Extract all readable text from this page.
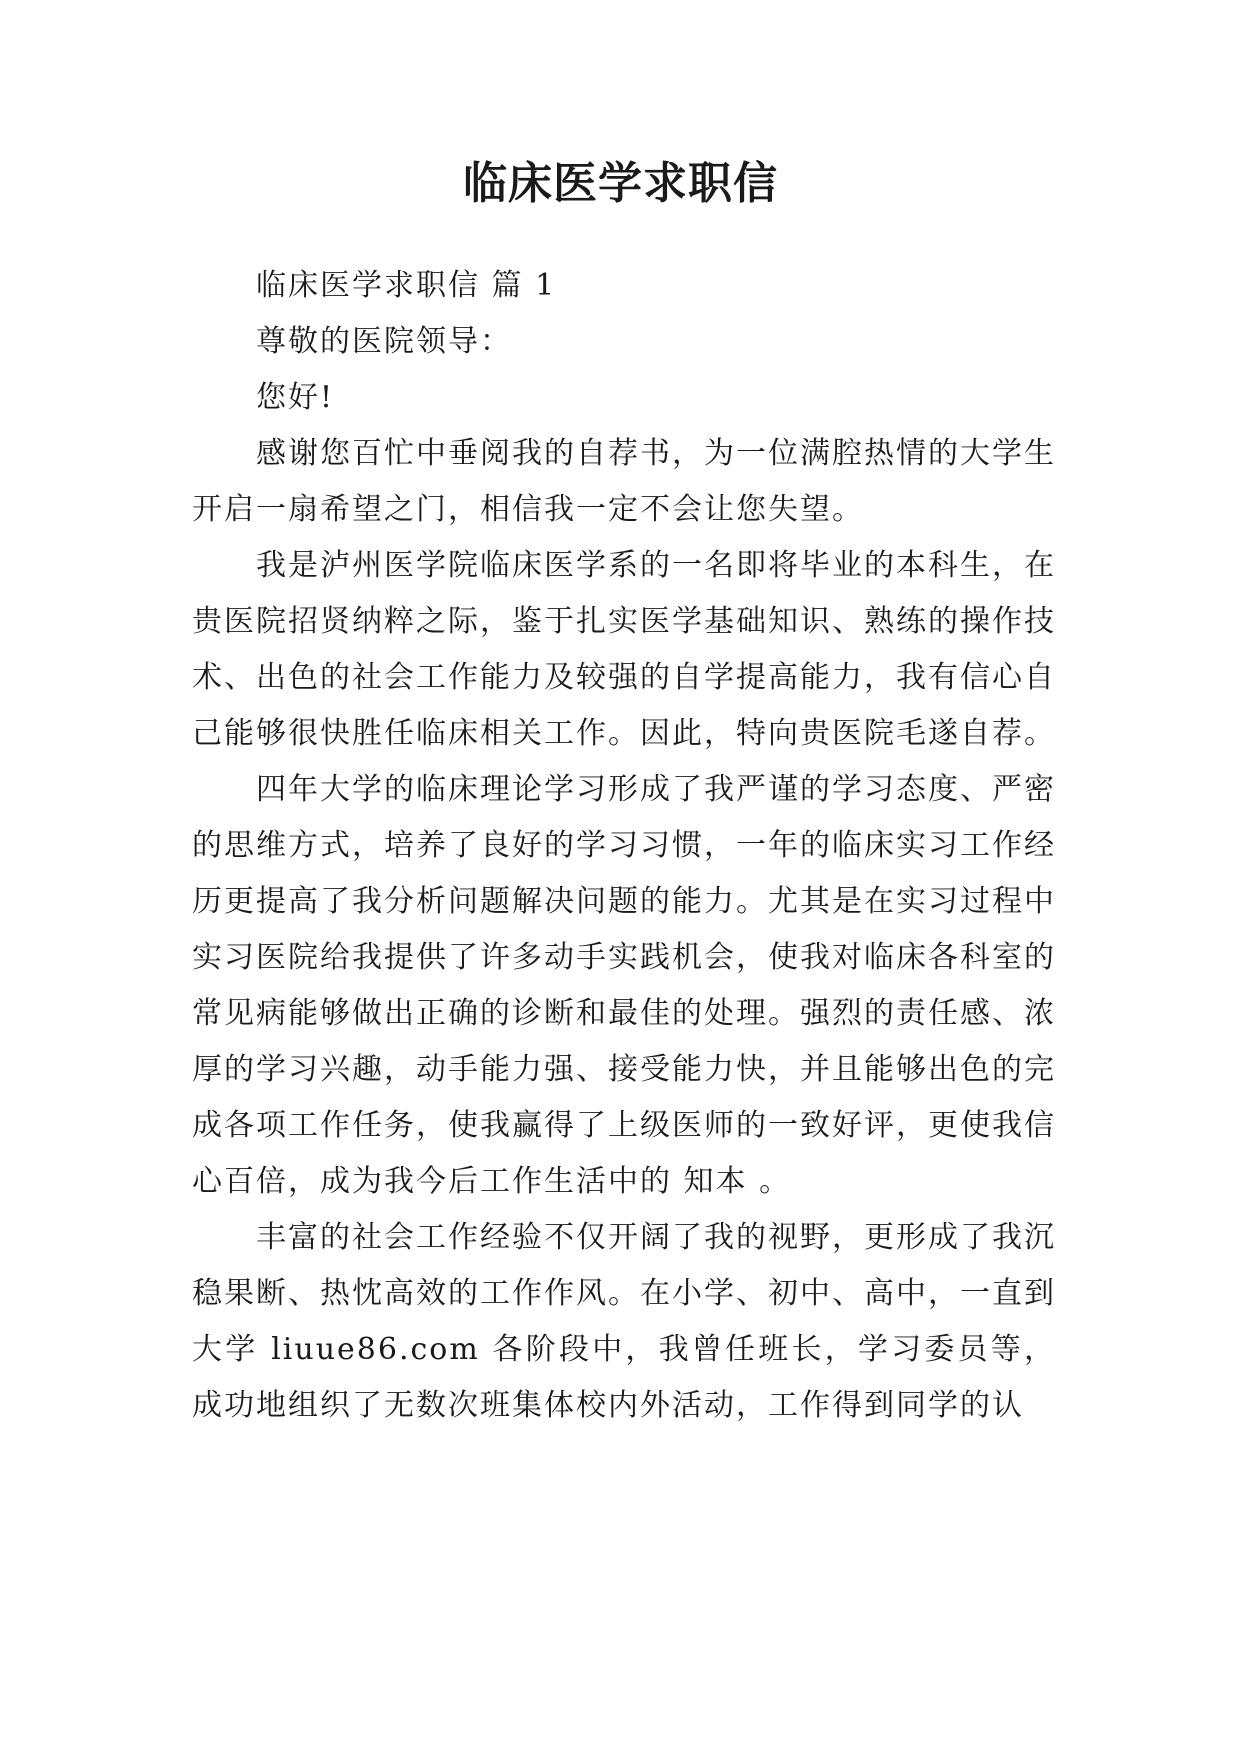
临床医学求职信

临床医学求职信 篇 1

尊敬的医院领导：

您好!

感谢您百忙中垂阅我的自荐书，为一位满腔热情的大学生开启一扇希望之门，相信我一定不会让您失望。

我是泸州医学院临床医学系的一名即将毕业的本科生，在贵医院招贤纳粹之际，鉴于扎实医学基础知识、熟练的操作技术、出色的社会工作能力及较强的自学提高能力，我有信心自己能够很快胜任临床相关工作。因此，特向贵医院毛遂自荐。

四年大学的临床理论学习形成了我严谨的学习态度、严密的思维方式，培养了良好的学习习惯，一年的临床实习工作经历更提高了我分析问题解决问题的能力。尤其是在实习过程中实习医院给我提供了许多动手实践机会，使我对临床各科室的常见病能够做出正确的诊断和最佳的处理。强烈的责任感、浓厚的学习兴趣，动手能力强、接受能力快，并且能够出色的完成各项工作任务，使我赢得了上级医师的一致好评，更使我信心百倍，成为我今后工作生活中的 知本 。

丰富的社会工作经验不仅开阔了我的视野，更形成了我沉稳果断、热忱高效的工作作风。在小学、初中、高中，一直到大学 liuue86.com 各阶段中，我曾任班长，学习委员等，成功地组织了无数次班集体校内外活动，工作得到同学的认
